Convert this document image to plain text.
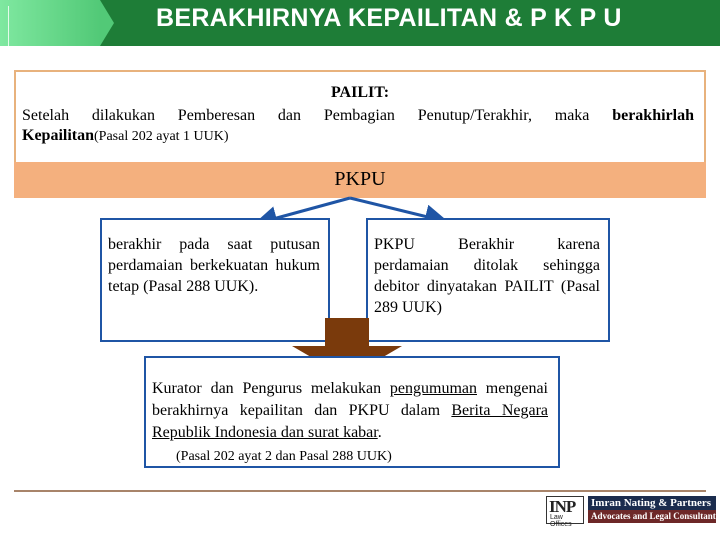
BERAKHIRNYA KEPAILITAN & P K P U
PAILIT:
Setelah dilakukan Pemberesan dan Pembagian Penutup/Terakhir, maka berakhirlah
Kepailitan(Pasal 202 ayat 1 UUK)
PKPU
berakhir pada saat putusan perdamaian berkekuatan hukum tetap (Pasal 288 UUK).
PKPU Berakhir karena perdamaian ditolak sehingga debitor dinyatakan PAILIT (Pasal 289 UUK)
Kurator dan Pengurus melakukan pengumuman mengenai berakhirnya kepailitan dan PKPU dalam Berita Negara Republik Indonesia dan surat kabar.
(Pasal 202 ayat 2 dan Pasal 288 UUK)
INP
Law Offices
Imran Nating & Partners
Advocates and Legal Consultants
